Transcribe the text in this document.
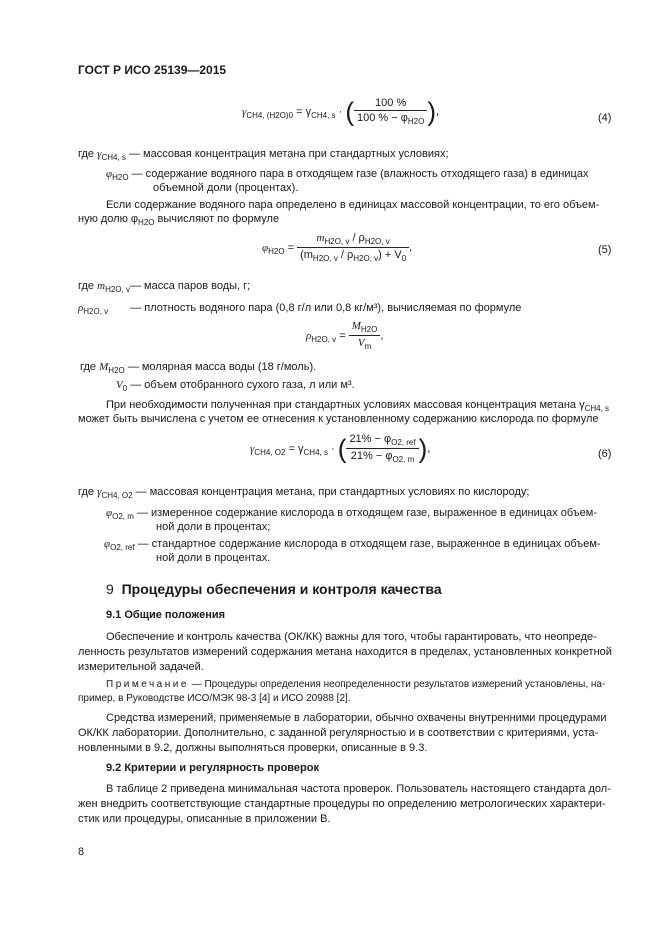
ГОСТ Р ИСО 25139—2015
$\gamma_{CH4, (H2O)0} = \gamma_{CH4, s}$ · ( $\frac{100 \%}{100 \% - \varphi_{H2O}}$ ),
(4)
где $\gamma_{CH4, s}$ — массовая концентрация метана при стандартных условиях;
$\varphi_{H2O}$ — содержание водяного пара в отходящем газе (влажность отходящего газа) в единицах
объемной доли (процентах).
Если содержание водяного пара определено в единицах массовой концентрации, то его объем-
ную долю $\varphi_{H2O}$ вычисляют по формуле
$\varphi_{H2O} = \frac{m_{H2O, v} / \rho_{H2O, v}}{(m_{H2O, v} / \rho_{H2O, v}) + V_0}$ ,	(5)
где $m_{H2O, v}—$ масса паров воды, г;
$\rho_{H2O, v}$ — плотность водяного пара (0,8 г/л или 0,8 кг/м³), вычисляемая по формуле
$\rho_{H2O, v} = \frac{M_{H2O}}{V_m}$ ,
где $M_{H2O}$ — молярная масса воды (18 г/моль).
$V_0$ — объем отобранного сухого газа, л или м³.
При необходимости полученная при стандартных условиях массовая концентрация метана $\gamma_{CH4, s}$
может быть вычислена с учетом ее отнесения к установленному содержанию кислорода по формуле
$\gamma_{CH4, O2} = \gamma_{CH4, s}$ · ( $\frac{21\% - \varphi_{O2, ref}}{21\% - \varphi_{O2, m}}$ ),	(6)
где $\gamma_{CH4, O2}$ — массовая концентрация метана, при стандартных условиях по кислороду;
$\varphi_{O2, m}$ — измеренное содержание кислорода в отходящем газе, выраженное в единицах объем-
ной доли в процентах;
$\varphi_{O2, ref}$ — стандартное содержание кислорода в отходящем газе, выраженное в единицах объем-
ной доли в процентах.
9 Процедуры обеспечения и контроля качества
9.1 Общие положения
Обеспечение и контроль качества (ОК/КК) важны для того, чтобы гарантировать, что неопреде-
ленность результатов измерений содержания метана находится в пределах, установленных конкретной
измерительной задачей.
Примечание — Процедуры определения неопределенности результатов измерений установлены, на-
пример, в Руководстве ИСО/МЭК 98-3 [4] и ИСО 20988 [2].
Средства измерений, применяемые в лаборатории, обычно охвачены внутренними процедурами
ОК/КК лаборатории. Дополнительно, с заданной регулярностью и в соответствии с критериями, уста-
новленными в 9.2, должны выполняться проверки, описанные в 9.3.
9.2 Критерии и регулярность проверок
В таблице 2 приведена минимальная частота проверок. Пользователь настоящего стандарта дол-
жен внедрить соответствующие стандартные процедуры по определению метрологических характери-
стик или процедуры, описанные в приложении В.
8
